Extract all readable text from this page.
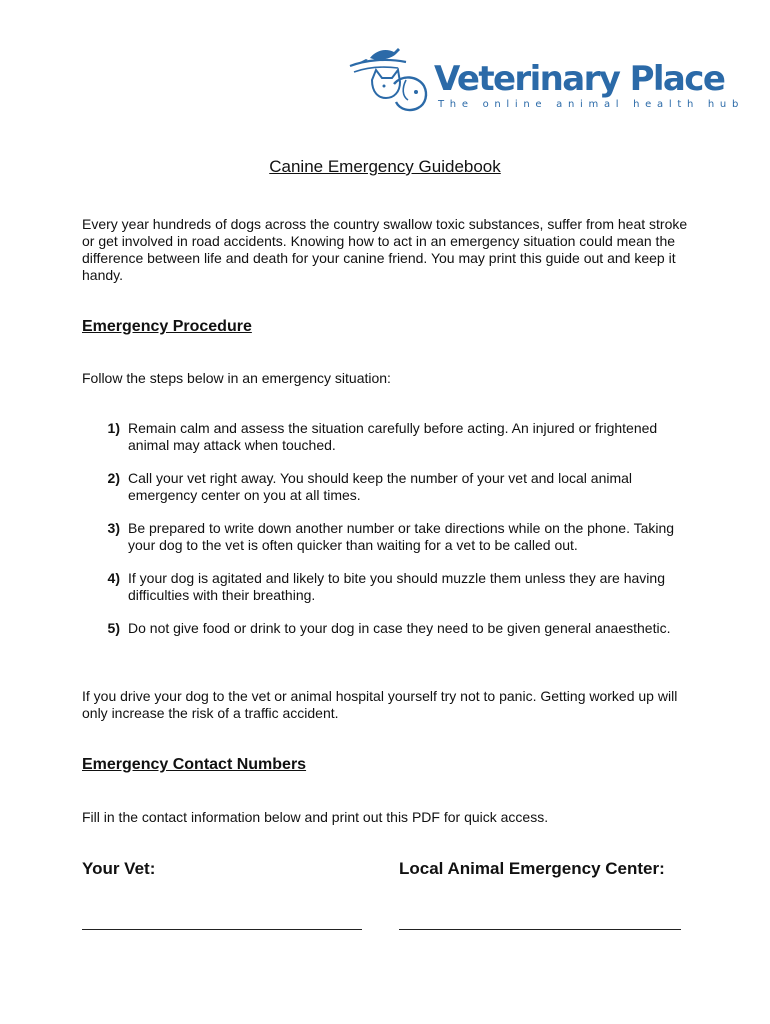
Veterinary Place
The online animal health hub
Canine Emergency Guidebook

Every year hundreds of dogs across the country swallow toxic substances, suffer from heat stroke or get involved in road accidents. Knowing how to act in an emergency situation could mean the difference between life and death for your canine friend. You may print this guide out and keep it handy.

Emergency Procedure

Follow the steps below in an emergency situation:

1) Remain calm and assess the situation carefully before acting. An injured or frightened animal may attack when touched.
2) Call your vet right away. You should keep the number of your vet and local animal emergency center on you at all times.
3) Be prepared to write down another number or take directions while on the phone. Taking your dog to the vet is often quicker than waiting for a vet to be called out.
4) If your dog is agitated and likely to bite you should muzzle them unless they are having difficulties with their breathing.
5) Do not give food or drink to your dog in case they need to be given general anaesthetic.

If you drive your dog to the vet or animal hospital yourself try not to panic. Getting worked up will only increase the risk of a traffic accident.

Emergency Contact Numbers

Fill in the contact information below and print out this PDF for quick access.

Your Vet:	Local Animal Emergency Center:
